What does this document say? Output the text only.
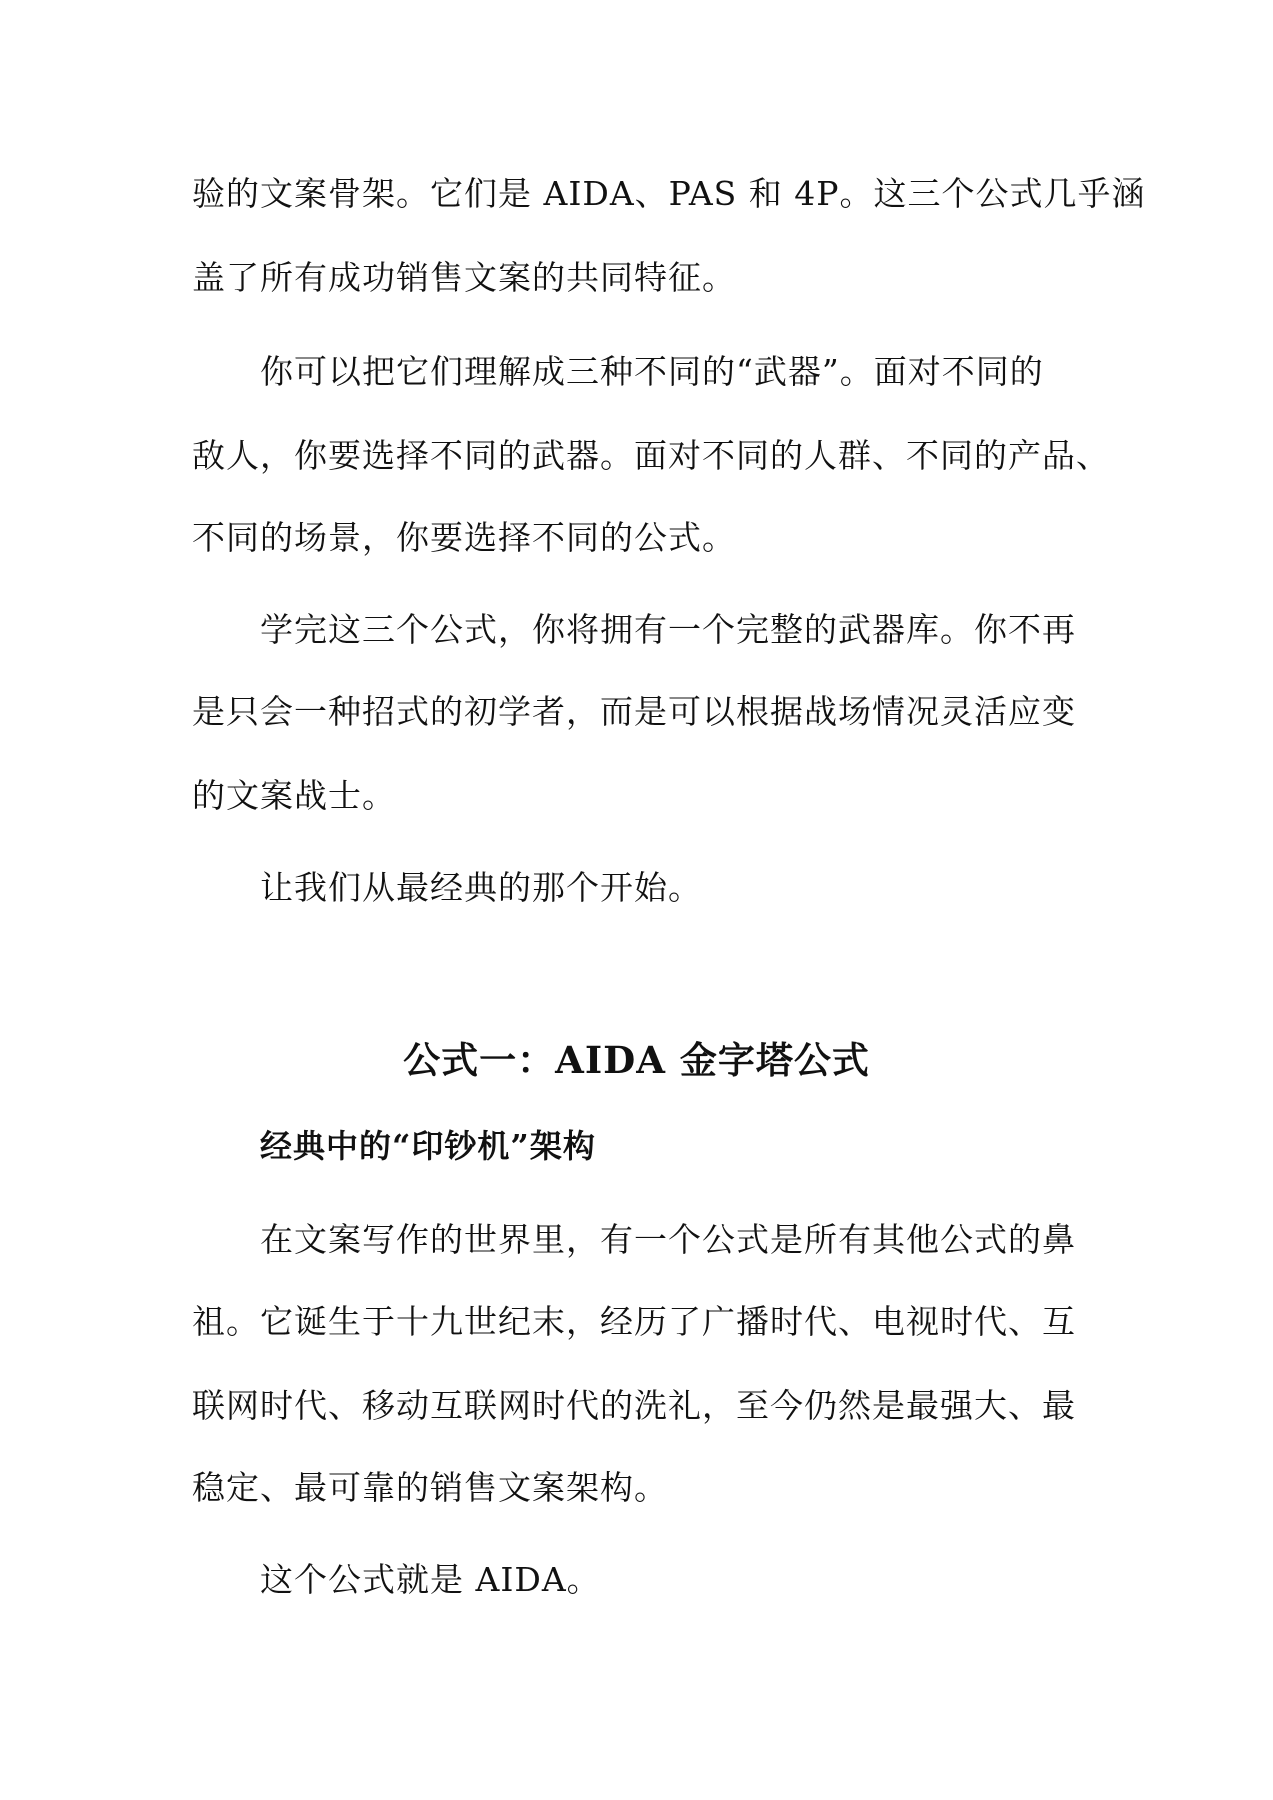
验的文案骨架。它们是 AIDA、PAS 和 4P。这三个公式几乎涵
盖了所有成功销售文案的共同特征。
你可以把它们理解成三种不同的“武器”。面对不同的
敌人，你要选择不同的武器。面对不同的人群、不同的产品、
不同的场景，你要选择不同的公式。
学完这三个公式，你将拥有一个完整的武器库。你不再
是只会一种招式的初学者，而是可以根据战场情况灵活应变
的文案战士。
让我们从最经典的那个开始。
公式一：AIDA 金字塔公式
经典中的“印钞机”架构
在文案写作的世界里，有一个公式是所有其他公式的鼻
祖。它诞生于十九世纪末，经历了广播时代、电视时代、互
联网时代、移动互联网时代的洗礼，至今仍然是最强大、最
稳定、最可靠的销售文案架构。
这个公式就是 AIDA。
